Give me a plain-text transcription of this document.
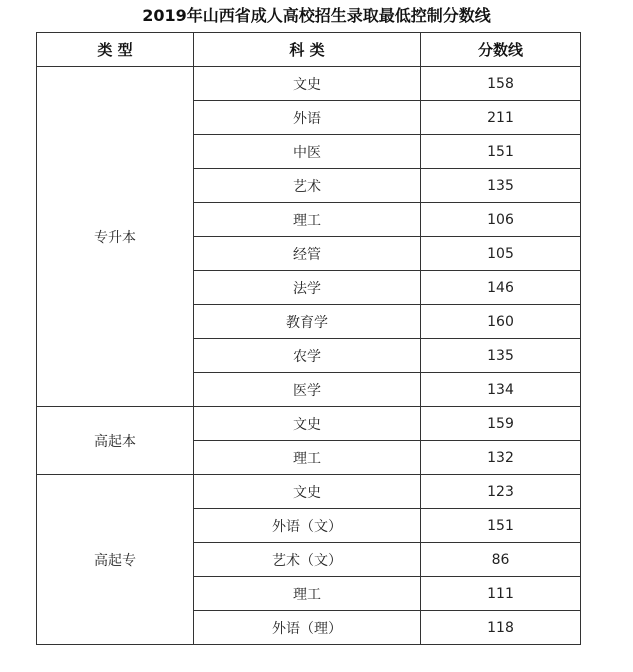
2019年山西省成人高校招生录取最低控制分数线
类 型	科 类	分数线
专升本	文史	158
	外语	211
	中医	151
	艺术	135
	理工	106
	经管	105
	法学	146
	教育学	160
	农学	135
	医学	134
高起本	文史	159
	理工	132
高起专	文史	123
	外语（文）	151
	艺术（文）	86
	理工	111
	外语（理）	118
